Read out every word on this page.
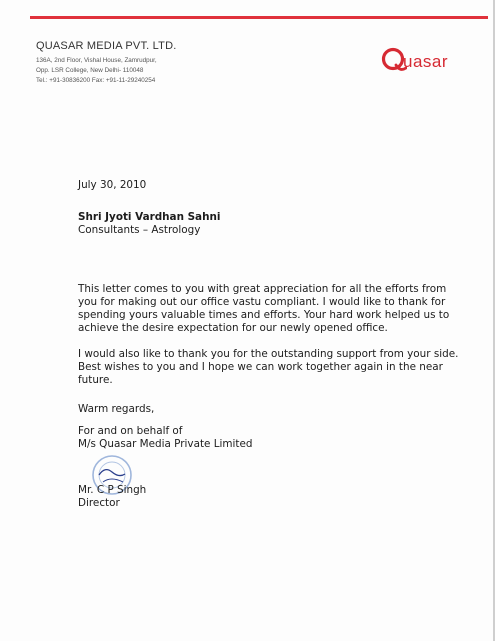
QUASAR MEDIA PVT. LTD.
136A, 2nd Floor, Vishal House, Zamrudpur,
Opp. LSR College, New Delhi- 110048
Tel.: +91-30836200 Fax: +91-11-29240254
uasar
July 30, 2010
Shri Jyoti Vardhan Sahni
Consultants – Astrology
This letter comes to you with great appreciation for all the efforts from
you for making out our office vastu compliant. I would like to thank for
spending yours valuable times and efforts. Your hard work helped us to
achieve the desire expectation for our newly opened office.
I would also like to thank you for the outstanding support from your side.
Best wishes to you and I hope we can work together again in the near
future.
Warm regards,
For and on behalf of
M/s Quasar Media Private Limited
Mr. C P Singh
Director
